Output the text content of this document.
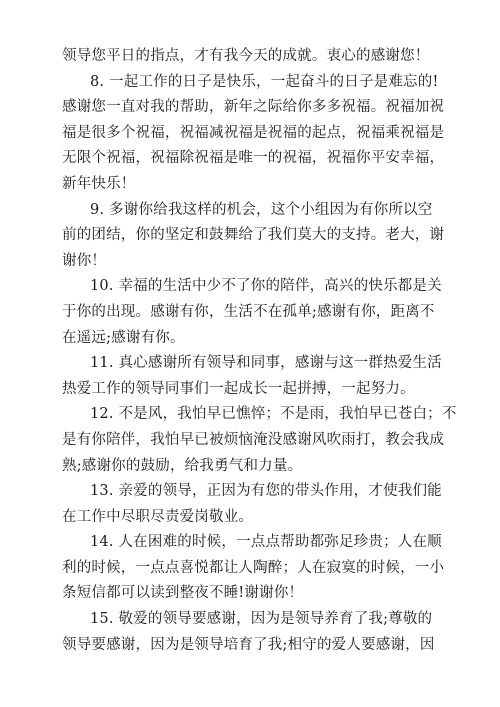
领导您平日的指点，才有我今天的成就。衷心的感谢您！
8. 一起工作的日子是快乐，一起奋斗的日子是难忘的!
感谢您一直对我的帮助，新年之际给你多多祝福。祝福加祝
福是很多个祝福，祝福减祝福是祝福的起点，祝福乘祝福是
无限个祝福，祝福除祝福是唯一的祝福，祝福你平安幸福，
新年快乐！
9. 多谢你给我这样的机会，这个小组因为有你所以空
前的团结，你的坚定和鼓舞给了我们莫大的支持。老大，谢
谢你！
10. 幸福的生活中少不了你的陪伴，高兴的快乐都是关
于你的出现。感谢有你，生活不在孤单;感谢有你，距离不
在遥远;感谢有你。
11. 真心感谢所有领导和同事，感谢与这一群热爱生活
热爱工作的领导同事们一起成长一起拼搏，一起努力。
12. 不是风，我怕早已憔悴；不是雨，我怕早已苍白；不
是有你陪伴，我怕早已被烦恼淹没感谢风吹雨打，教会我成
熟;感谢你的鼓励，给我勇气和力量。
13. 亲爱的领导，正因为有您的带头作用，才使我们能
在工作中尽职尽责爱岗敬业。
14. 人在困难的时候，一点点帮助都弥足珍贵；人在顺
利的时候，一点点喜悦都让人陶醉；人在寂寞的时候，一小
条短信都可以读到整夜不睡!谢谢你！
15. 敬爱的领导要感谢，因为是领导养育了我;尊敬的
领导要感谢，因为是领导培育了我;相守的爱人要感谢，因
